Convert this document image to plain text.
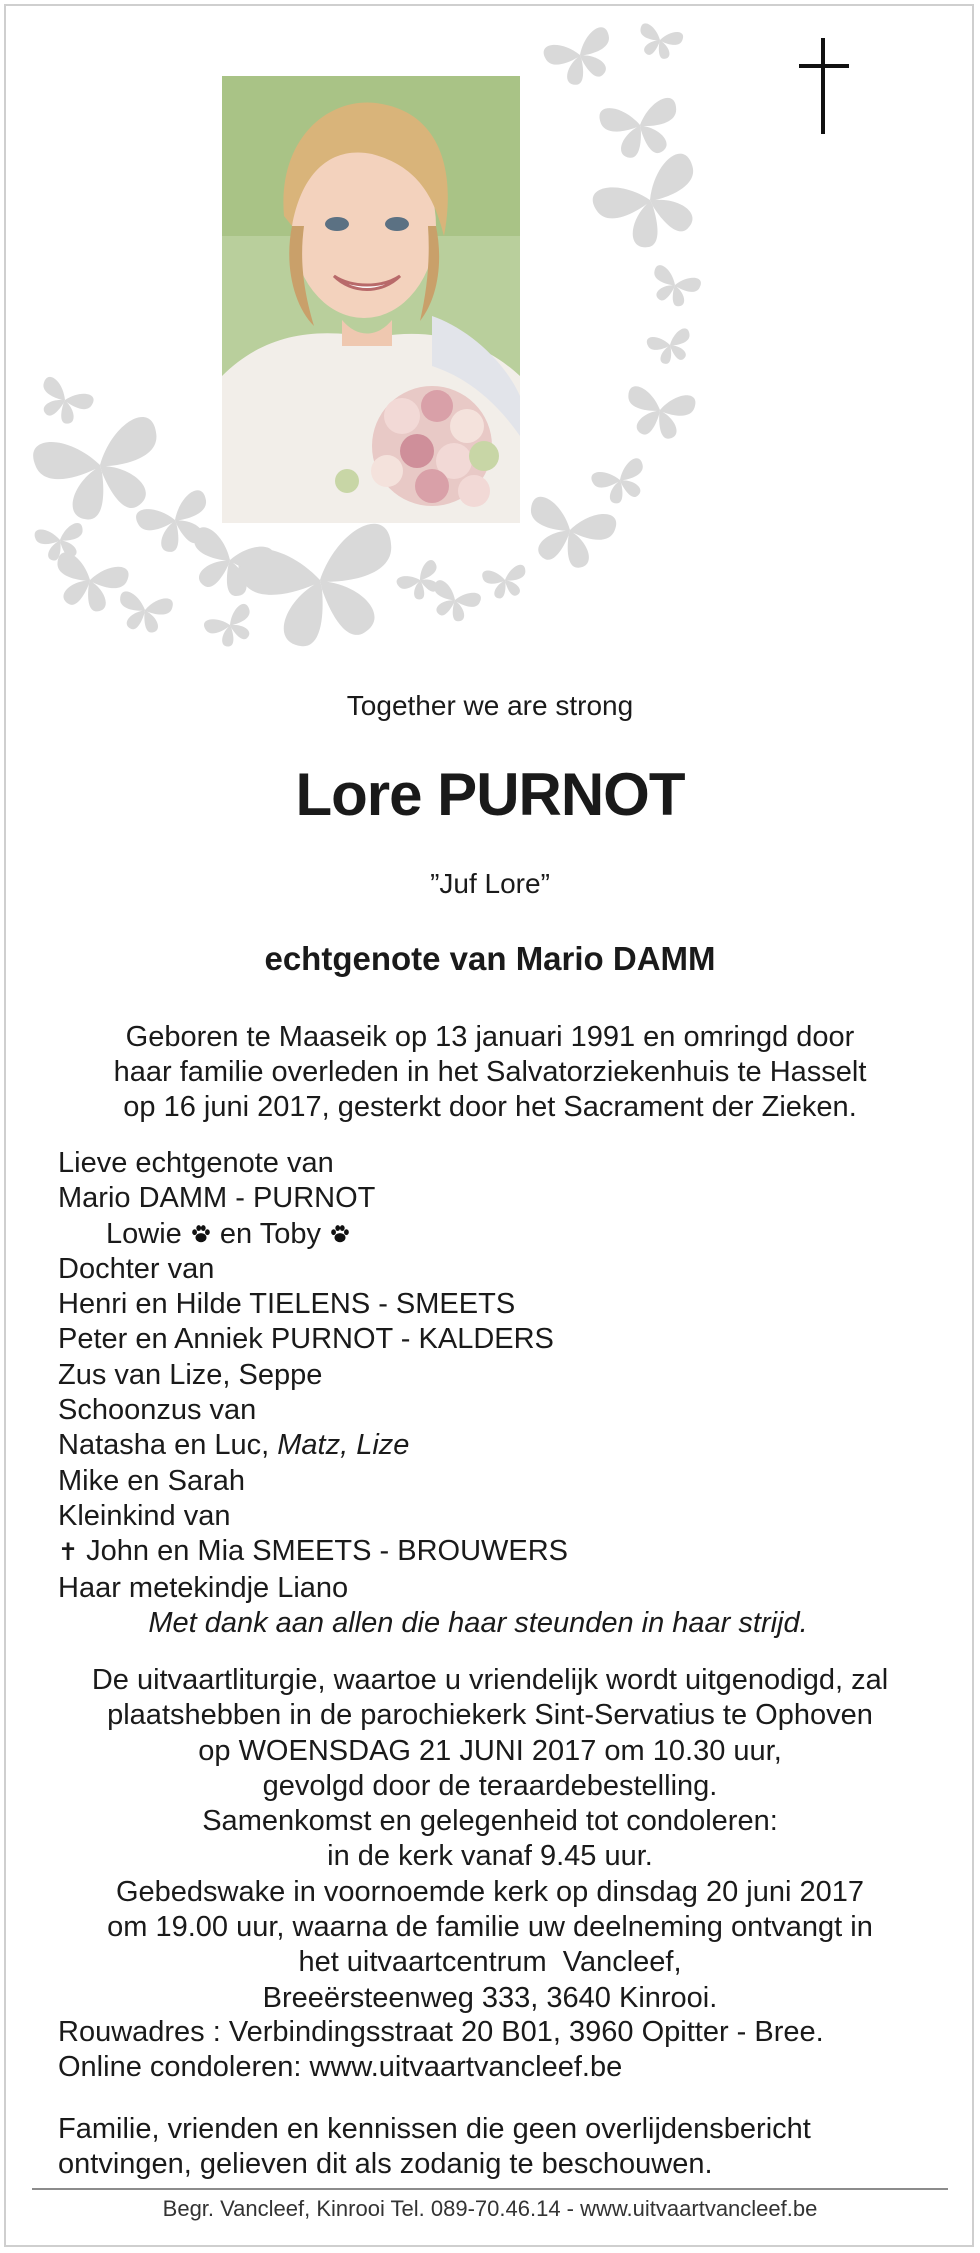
Together we are strong
Lore PURNOT
”Juf Lore”
echtgenote van Mario DAMM
Geboren te Maaseik op 13 januari 1991 en omringd door
haar familie overleden in het Salvatorziekenhuis te Hasselt
op 16 juni 2017, gesterkt door het Sacrament der Zieken.
Lieve echtgenote van
Mario DAMM - PURNOT
Lowie en Toby
Dochter van
Henri en Hilde TIELENS - SMEETS
Peter en Anniek PURNOT - KALDERS
Zus van Lize, Seppe
Schoonzus van
Natasha en Luc, Matz, Lize
Mike en Sarah
Kleinkind van
✝ John en Mia SMEETS - BROUWERS
Haar metekindje Liano
Met dank aan allen die haar steunden in haar strijd.
De uitvaartliturgie, waartoe u vriendelijk wordt uitgenodigd, zal
plaatshebben in de parochiekerk Sint-Servatius te Ophoven
op WOENSDAG 21 JUNI 2017 om 10.30 uur,
gevolgd door de teraardebestelling.
Samenkomst en gelegenheid tot condoleren:
in de kerk vanaf 9.45 uur.
Gebedswake in voornoemde kerk op dinsdag 20 juni 2017
om 19.00 uur, waarna de familie uw deelneming ontvangt in
het uitvaartcentrum  Vancleef,
Breeërsteenweg 333, 3640 Kinrooi.
Rouwadres : Verbindingsstraat 20 B01, 3960 Opitter - Bree.
Online condoleren: www.uitvaartvancleef.be
Familie, vrienden en kennissen die geen overlijdensbericht
ontvingen, gelieven dit als zodanig te beschouwen.
Begr. Vancleef, Kinrooi Tel. 089-70.46.14 - www.uitvaartvancleef.be
